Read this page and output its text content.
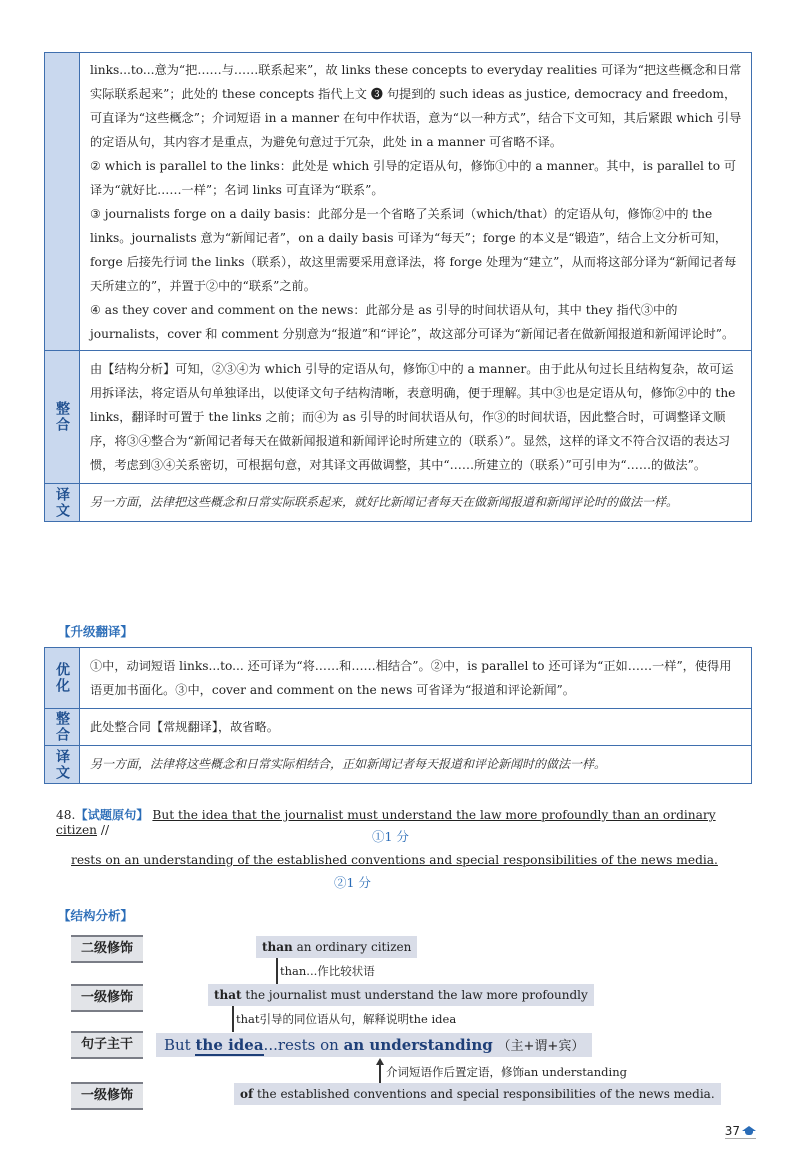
links...to...意为“把……与……联系起来”，故 links these concepts to everyday realities 可译为“把这些概念和日常实际联系起来”；此处的 these concepts 指代上文 ❸ 句提到的 such ideas as justice, democracy and freedom，可直译为“这些概念”；介词短语 in a manner 在句中作状语，意为“以一种方式”，结合下文可知，其后紧跟 which 引导的定语从句，其内容才是重点，为避免句意过于冗杂，此处 in a manner 可省略不译。

② which is parallel to the links：此处是 which 引导的定语从句，修饰①中的 a manner。其中，is parallel to 可译为“就好比……一样”；名词 links 可直译为“联系”。

③ journalists forge on a daily basis：此部分是一个省略了关系词（which/that）的定语从句，修饰②中的 the links。journalists 意为“新闻记者”，on a daily basis 可译为“每天”；forge 的本义是“锻造”，结合上文分析可知，forge 后接先行词 the links（联系），故这里需要采用意译法，将 forge 处理为“建立”，从而将这部分译为“新闻记者每天所建立的”，并置于②中的“联系”之前。

④ as they cover and comment on the news：此部分是 as 引导的时间状语从句，其中 they 指代③中的 journalists，cover 和 comment 分别意为“报道”和“评论”，故这部分可译为“新闻记者在做新闻报道和新闻评论时”。

整合
由【结构分析】可知，②③④为 which 引导的定语从句，修饰①中的 a manner。由于此从句过长且结构复杂，故可运用拆译法，将定语从句单独译出，以使译文句子结构清晰，表意明确，便于理解。其中③也是定语从句，修饰②中的 the links，翻译时可置于 the links 之前；而④为 as 引导的时间状语从句，作③的时间状语，因此整合时，可调整译文顺序，将③④整合为“新闻记者每天在做新闻报道和新闻评论时所建立的（联系）”。显然，这样的译文不符合汉语的表达习惯，考虑到③④关系密切，可根据句意，对其译文再做调整，其中“……所建立的（联系）”可引申为“……的做法”。
译文	另一方面，法律把这些概念和日常实际联系起来，就好比新闻记者每天在做新闻报道和新闻评论时的做法一样。
【升级翻译】
优化	①中，动词短语 links...to... 还可译为“将……和……相结合”。②中，is parallel to 还可译为“正如……一样”，使得用语更加书面化。③中，cover and comment on the news 可省译为“报道和评论新闻”。
整合	此处整合同【常规翻译】，故省略。
译文	另一方面，法律将这些概念和日常实际相结合，正如新闻记者每天报道和评论新闻时的做法一样。
48.【试题原句】 But the idea that the journalist must understand the law more profoundly than an ordinary citizen //	①1 分
rests on an understanding of the established conventions and special responsibilities of the news media.
②1 分
【结构分析】
二级修饰
一级修饰
句子主干
一级修饰
than an ordinary citizen
than...作比较状语
that the journalist must understand the law more profoundly
that引导的同位语从句，解释说明the idea
But the idea...rests on an understanding （主+谓+宾）
介词短语作后置定语，修饰an understanding
of the established conventions and special responsibilities of the news media.
37
